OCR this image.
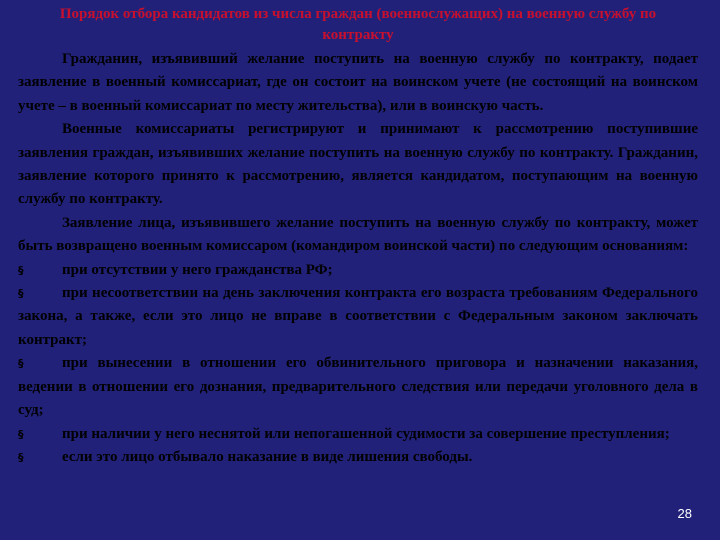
Порядок отбора кандидатов из числа граждан (военнослужащих) на военную службу по контракту

Гражданин, изъявивший желание поступить на военную службу по контракту, подает заявление в военный комиссариат, где он состоит на воинском учете (не состоящий на воинском учете – в военный комиссариат по месту жительства), или в воинскую часть.

Военные комиссариаты регистрируют и принимают к рассмотрению поступившие заявления граждан, изъявивших желание поступить на военную службу по контракту. Гражданин, заявление которого принято к рассмотрению, является кандидатом, поступающим на военную службу по контракту.

Заявление лица, изъявившего желание поступить на военную службу по контракту, может быть возвращено военным комиссаром (командиром воинской части) по следующим основаниям:

§	при отсутствии у него гражданства РФ;
§	при несоответствии на день заключения контракта его возраста требованиям Федерального закона, а также, если это лицо не вправе в соответствии с Федеральным законом заключать контракт;
§	при вынесении в отношении его обвинительного приговора и назначении наказания, ведении в отношении его дознания, предварительного следствия или передачи уголовного дела в суд;
§	при наличии у него неснятой или непогашенной судимости за совершение преступления;
§	если это лицо отбывало наказание в виде лишения свободы.
28
